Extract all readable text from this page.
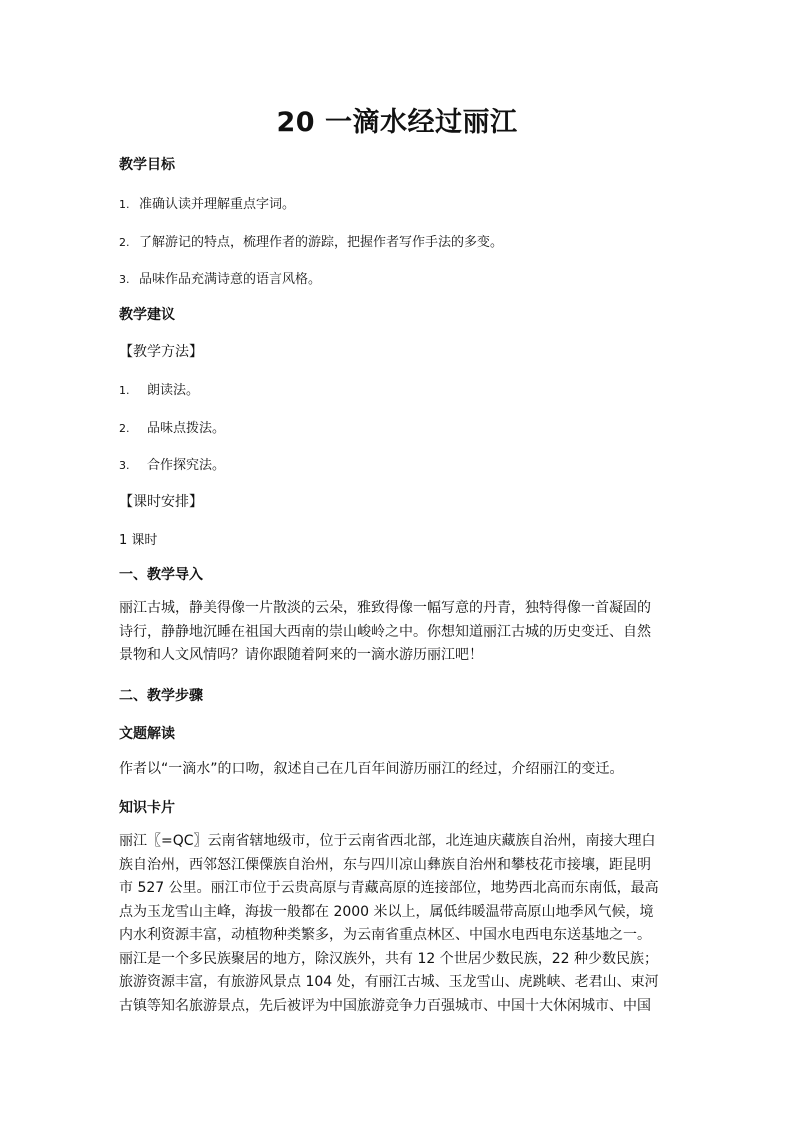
20 一滴水经过丽江
教学目标
1. 准确认读并理解重点字词。
2. 了解游记的特点，梳理作者的游踪，把握作者写作手法的多变。
3. 品味作品充满诗意的语言风格。
教学建议
【教学方法】
1. 朗读法。
2. 品味点拨法。
3. 合作探究法。
【课时安排】
1 课时
一、教学导入
丽江古城，静美得像一片散淡的云朵，雅致得像一幅写意的丹青，独特得像一首凝固的
诗行，静静地沉睡在祖国大西南的崇山峻岭之中。你想知道丽江古城的历史变迁、自然
景物和人文风情吗？请你跟随着阿来的一滴水游历丽江吧！
二、教学步骤
文题解读
作者以“一滴水”的口吻，叙述自己在几百年间游历丽江的经过，介绍丽江的变迁。
知识卡片
丽江〖=QC〗云南省辖地级市，位于云南省西北部，北连迪庆藏族自治州，南接大理白
族自治州，西邻怒江傈僳族自治州，东与四川凉山彝族自治州和攀枝花市接壤，距昆明
市 527 公里。丽江市位于云贵高原与青藏高原的连接部位，地势西北高而东南低，最高
点为玉龙雪山主峰，海拔一般都在 2000 米以上，属低纬暖温带高原山地季风气候，境
内水利资源丰富，动植物种类繁多，为云南省重点林区、中国水电西电东送基地之一。
丽江是一个多民族聚居的地方，除汉族外，共有 12 个世居少数民族，22 种少数民族；
旅游资源丰富，有旅游风景点 104 处，有丽江古城、玉龙雪山、虎跳峡、老君山、束河
古镇等知名旅游景点，先后被评为中国旅游竞争力百强城市、中国十大休闲城市、中国
